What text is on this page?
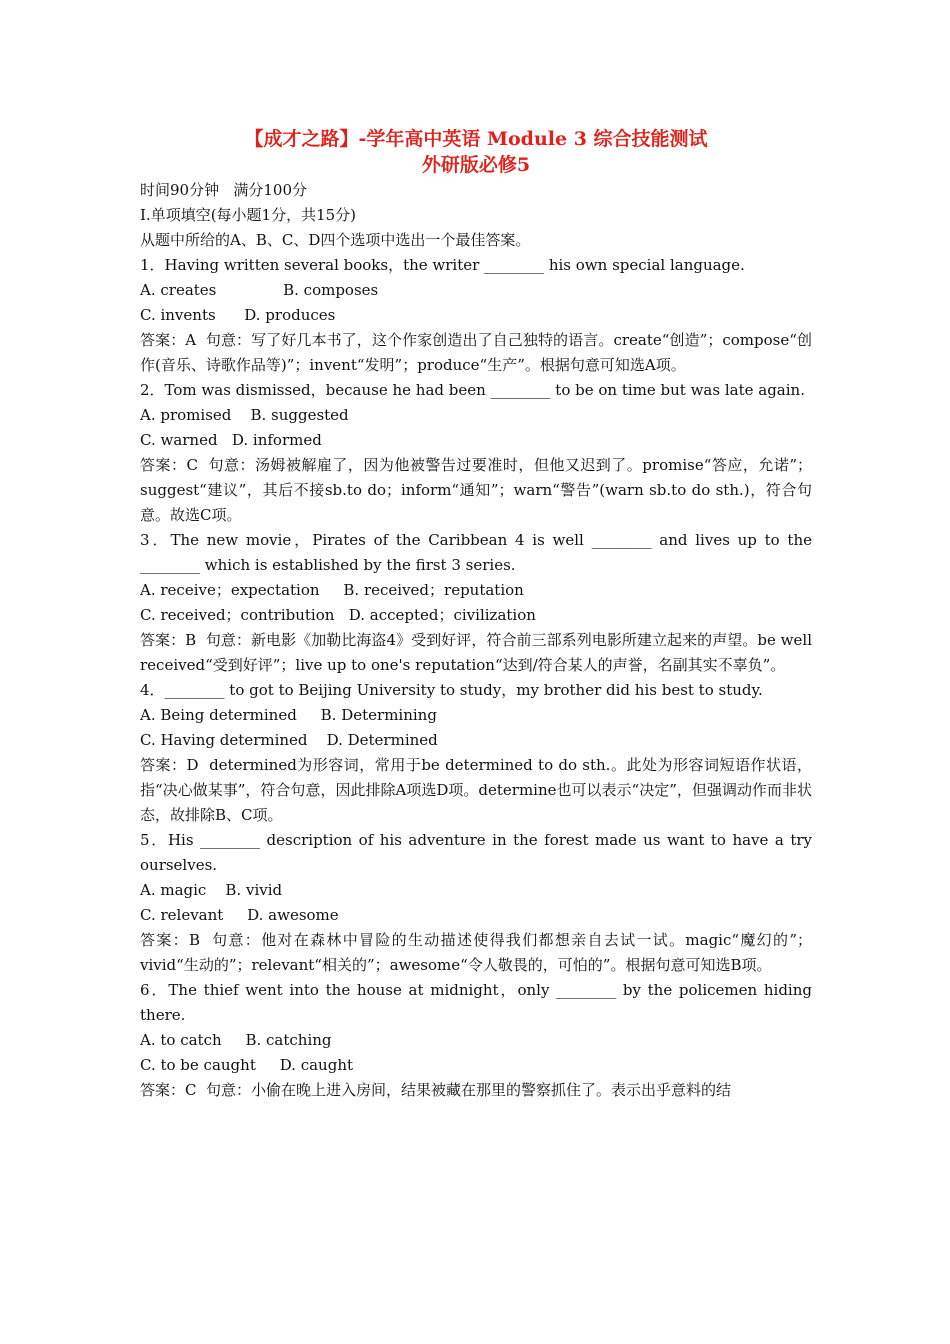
【成才之路】-学年高中英语 Module 3 综合技能测试
外研版必修5
时间90分钟   满分100分
Ⅰ.单项填空(每小题1分，共15分)
从题中所给的A、B、C、D四个选项中选出一个最佳答案。
1．Having written several books，the writer ________ his own special language.
A. creates              B. composes
C. invents      D. produces
答案：A  句意：写了好几本书了，这个作家创造出了自己独特的语言。create“创造”；compose“创作(音乐、诗歌作品等)”；invent“发明”；produce“生产”。根据句意可知选A项。
2．Tom was dismissed，because he had been ________ to be on time but was late again.
A. promised    B. suggested
C. warned   D. informed
答案：C  句意：汤姆被解雇了，因为他被警告过要准时，但他又迟到了。promise“答应，允诺”；suggest“建议”，其后不接sb.to do；inform“通知”；warn“警告”(warn sb.to do sth.)，符合句意。故选C项。
3．The new movie，Pirates of the Caribbean 4 is well ________ and lives up to the ________ which is established by the first 3 series.
A. receive；expectation     B. received；reputation
C. received；contribution   D. accepted；civilization
答案：B  句意：新电影《加勒比海盗4》受到好评，符合前三部系列电影所建立起来的声望。be well received“受到好评”；live up to one's reputation“达到/符合某人的声誉，名副其实不辜负”。
4．________ to got to Beijing University to study，my brother did his best to study.
A. Being determined     B. Determining
C. Having determined    D. Determined
答案：D  determined为形容词，常用于be determined to do sth.。此处为形容词短语作状语，指“决心做某事”，符合句意，因此排除A项选D项。determine也可以表示“决定”，但强调动作而非状态，故排除B、C项。
5．His ________ description of his adventure in the forest made us want to have a try ourselves.
A. magic    B. vivid
C. relevant     D. awesome
答案：B  句意：他对在森林中冒险的生动描述使得我们都想亲自去试一试。magic“魔幻的”；vivid“生动的”；relevant“相关的”；awesome“令人敬畏的，可怕的”。根据句意可知选B项。
6．The thief went into the house at midnight，only ________ by the policemen hiding there.
A. to catch     B. catching
C. to be caught     D. caught
答案：C  句意：小偷在晚上进入房间，结果被藏在那里的警察抓住了。表示出乎意料的结
